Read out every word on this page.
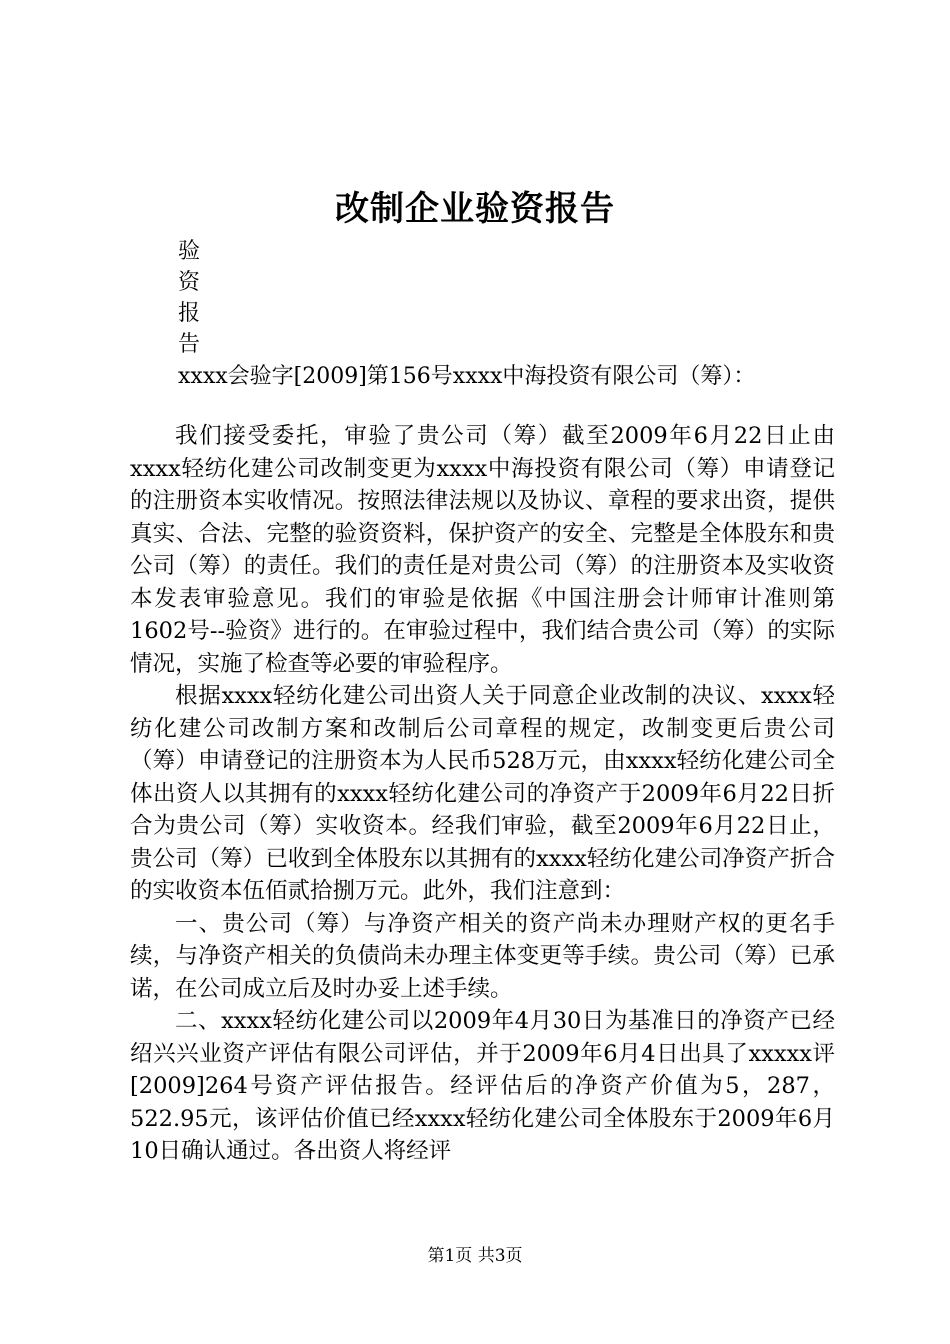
改制企业验资报告
验
资
报
告
xxxx会验字[2009]第156号xxxx中海投资有限公司（筹）：

我们接受委托，审验了贵公司（筹）截至2009年6月22日止由xxxx轻纺化建公司改制变更为xxxx中海投资有限公司（筹）申请登记的注册资本实收情况。按照法律法规以及协议、章程的要求出资，提供真实、合法、完整的验资资料，保护资产的安全、完整是全体股东和贵公司（筹）的责任。我们的责任是对贵公司（筹）的注册资本及实收资本发表审验意见。我们的审验是依据《中国注册会计师审计准则第1602号--验资》进行的。在审验过程中，我们结合贵公司（筹）的实际情况，实施了检查等必要的审验程序。

根据xxxx轻纺化建公司出资人关于同意企业改制的决议、xxxx轻纺化建公司改制方案和改制后公司章程的规定，改制变更后贵公司（筹）申请登记的注册资本为人民币528万元，由xxxx轻纺化建公司全体出资人以其拥有的xxxx轻纺化建公司的净资产于2009年6月22日折合为贵公司（筹）实收资本。经我们审验，截至2009年6月22日止，贵公司（筹）已收到全体股东以其拥有的xxxx轻纺化建公司净资产折合的实收资本伍佰贰拾捌万元。此外，我们注意到：

一、贵公司（筹）与净资产相关的资产尚未办理财产权的更名手续，与净资产相关的负债尚未办理主体变更等手续。贵公司（筹）已承诺，在公司成立后及时办妥上述手续。

二、xxxx轻纺化建公司以2009年4月30日为基准日的净资产已经绍兴兴业资产评估有限公司评估，并于2009年6月4日出具了xxxxx评[2009]264号资产评估报告。经评估后的净资产价值为5，287，522.95元，该评估价值已经xxxx轻纺化建公司全体股东于2009年6月10日确认通过。各出资人将经评

第1页 共3页
